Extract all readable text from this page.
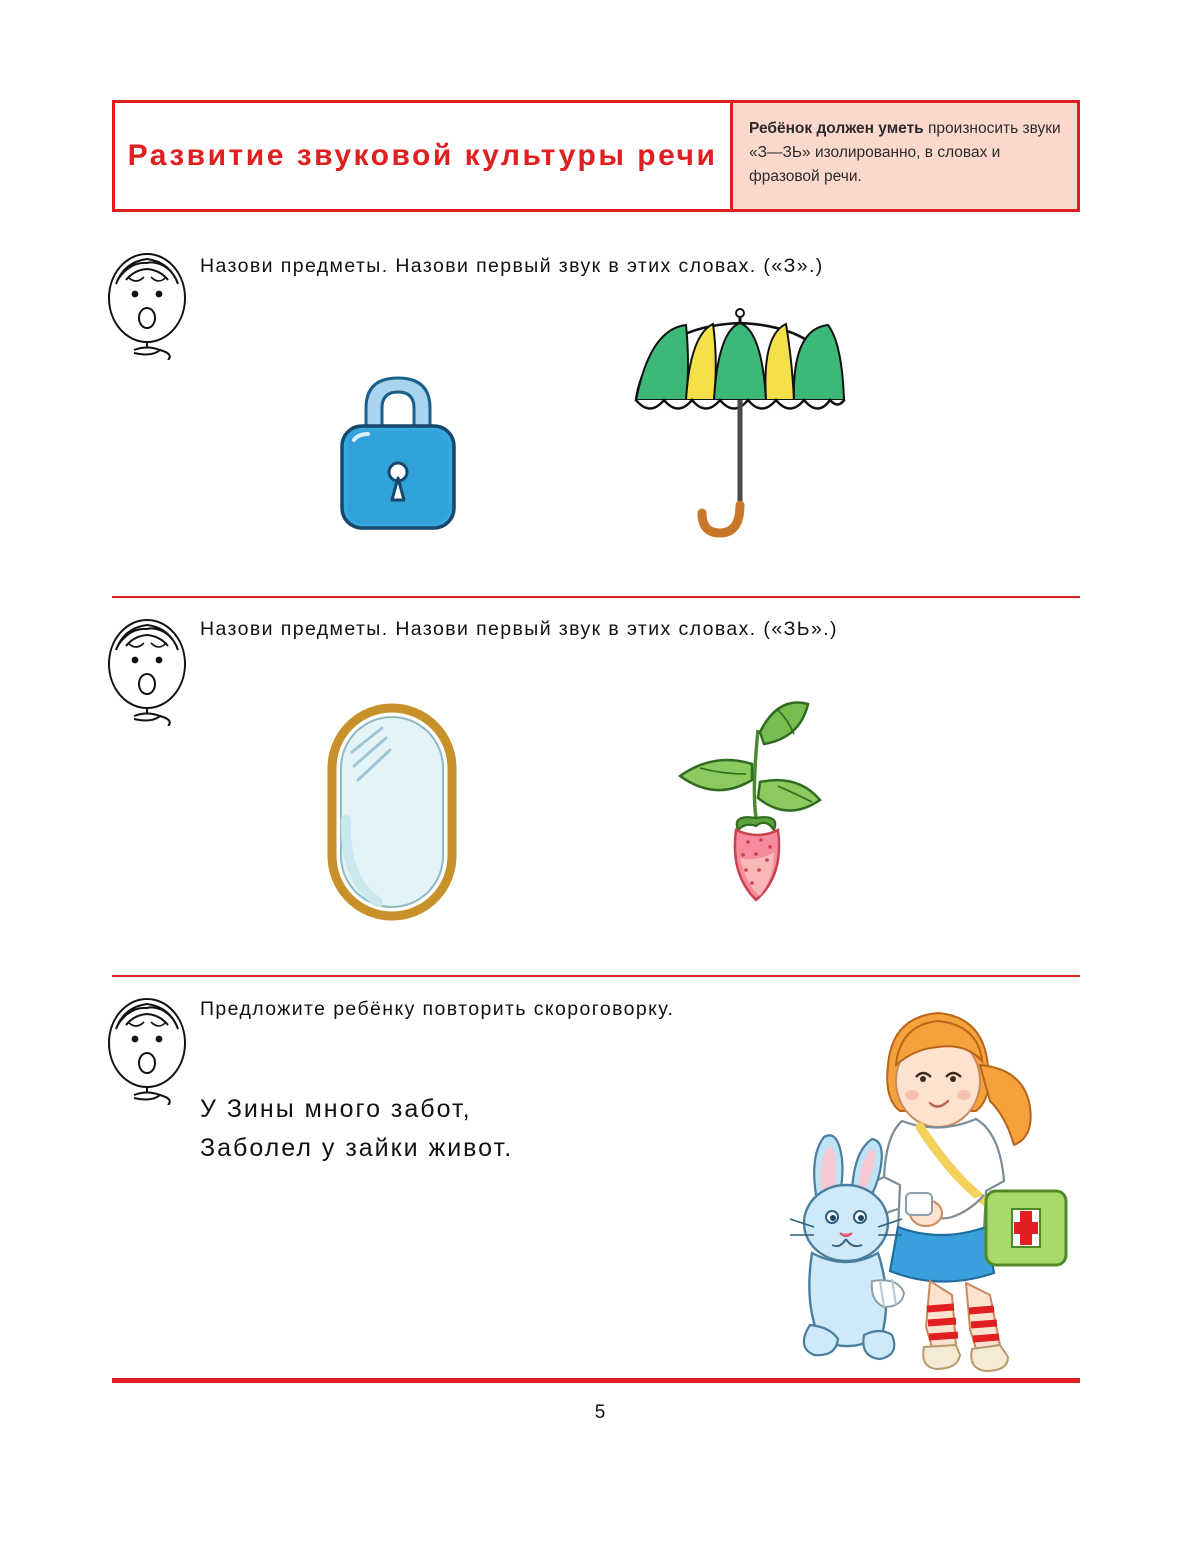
Развитие звуковой культуры речи
Ребёнок должен уметь произносить звуки «З—ЗЬ» изолированно, в словах и фразовой речи.
Назови предметы. Назови первый звук в этих словах. («З».)
Назови предметы. Назови первый звук в этих словах. («ЗЬ».)
Предложите ребёнку повторить скороговорку.
У Зины много забот,
Заболел у зайки живот.
5
